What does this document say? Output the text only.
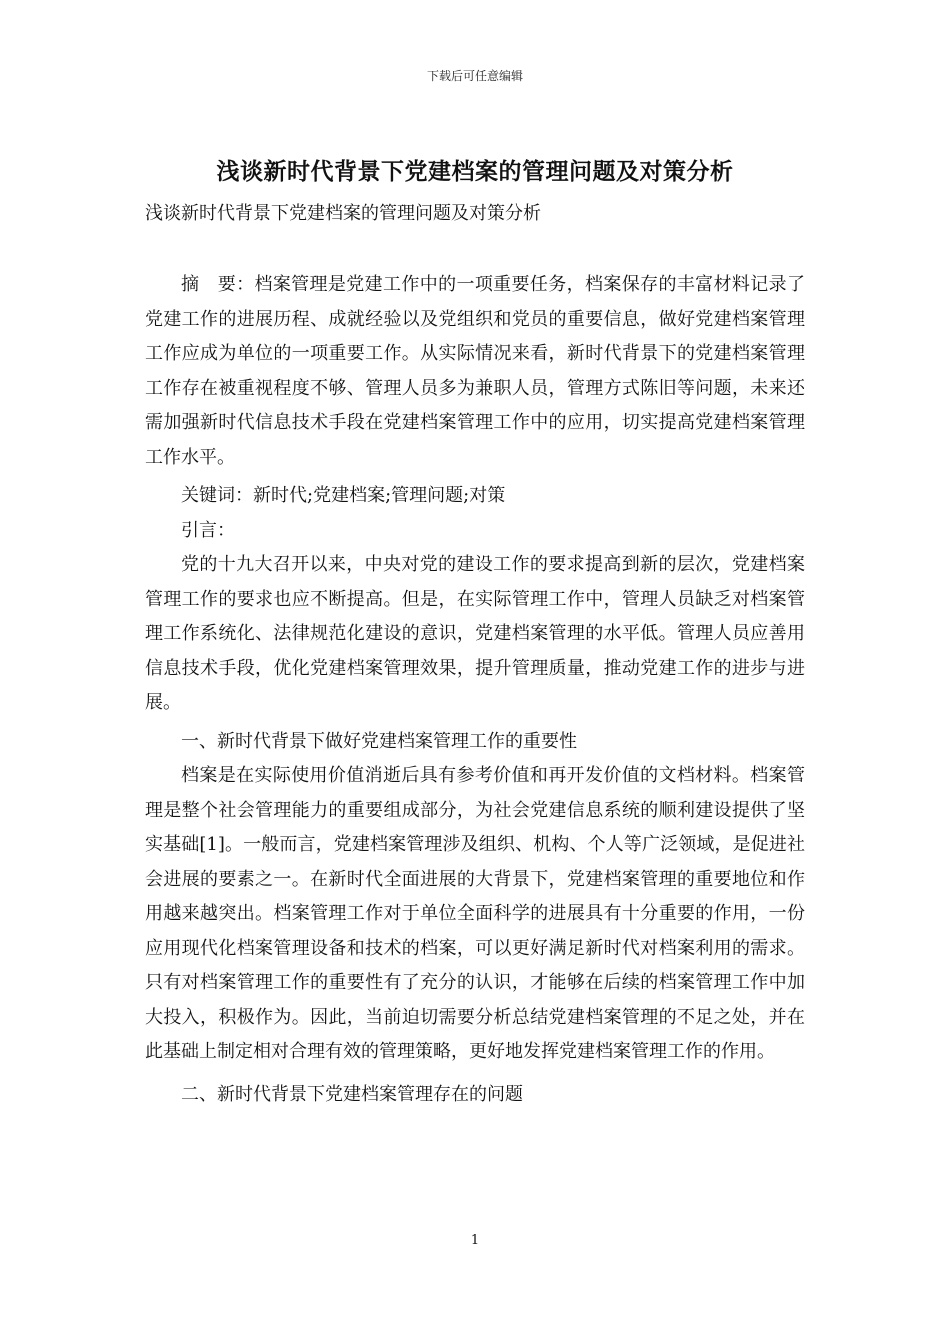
下载后可任意编辑
浅谈新时代背景下党建档案的管理问题及对策分析
浅谈新时代背景下党建档案的管理问题及对策分析

摘　要：档案管理是党建工作中的一项重要任务，档案保存的丰富材料记录了党建工作的进展历程、成就经验以及党组织和党员的重要信息，做好党建档案管理工作应成为单位的一项重要工作。从实际情况来看，新时代背景下的党建档案管理工作存在被重视程度不够、管理人员多为兼职人员，管理方式陈旧等问题，未来还需加强新时代信息技术手段在党建档案管理工作中的应用，切实提高党建档案管理工作水平。

关键词：新时代;党建档案;管理问题;对策

引言：

党的十九大召开以来，中央对党的建设工作的要求提高到新的层次，党建档案管理工作的要求也应不断提高。但是，在实际管理工作中，管理人员缺乏对档案管理工作系统化、法律规范化建设的意识，党建档案管理的水平低。管理人员应善用信息技术手段，优化党建档案管理效果，提升管理质量，推动党建工作的进步与进展。

一、新时代背景下做好党建档案管理工作的重要性

档案是在实际使用价值消逝后具有参考价值和再开发价值的文档材料。档案管理是整个社会管理能力的重要组成部分，为社会党建信息系统的顺利建设提供了坚实基础[1]。一般而言，党建档案管理涉及组织、机构、个人等广泛领域，是促进社会进展的要素之一。在新时代全面进展的大背景下，党建档案管理的重要地位和作用越来越突出。档案管理工作对于单位全面科学的进展具有十分重要的作用，一份应用现代化档案管理设备和技术的档案，可以更好满足新时代对档案利用的需求。只有对档案管理工作的重要性有了充分的认识，才能够在后续的档案管理工作中加大投入，积极作为。因此，当前迫切需要分析总结党建档案管理的不足之处，并在此基础上制定相对合理有效的管理策略，更好地发挥党建档案管理工作的作用。

二、新时代背景下党建档案管理存在的问题

1
